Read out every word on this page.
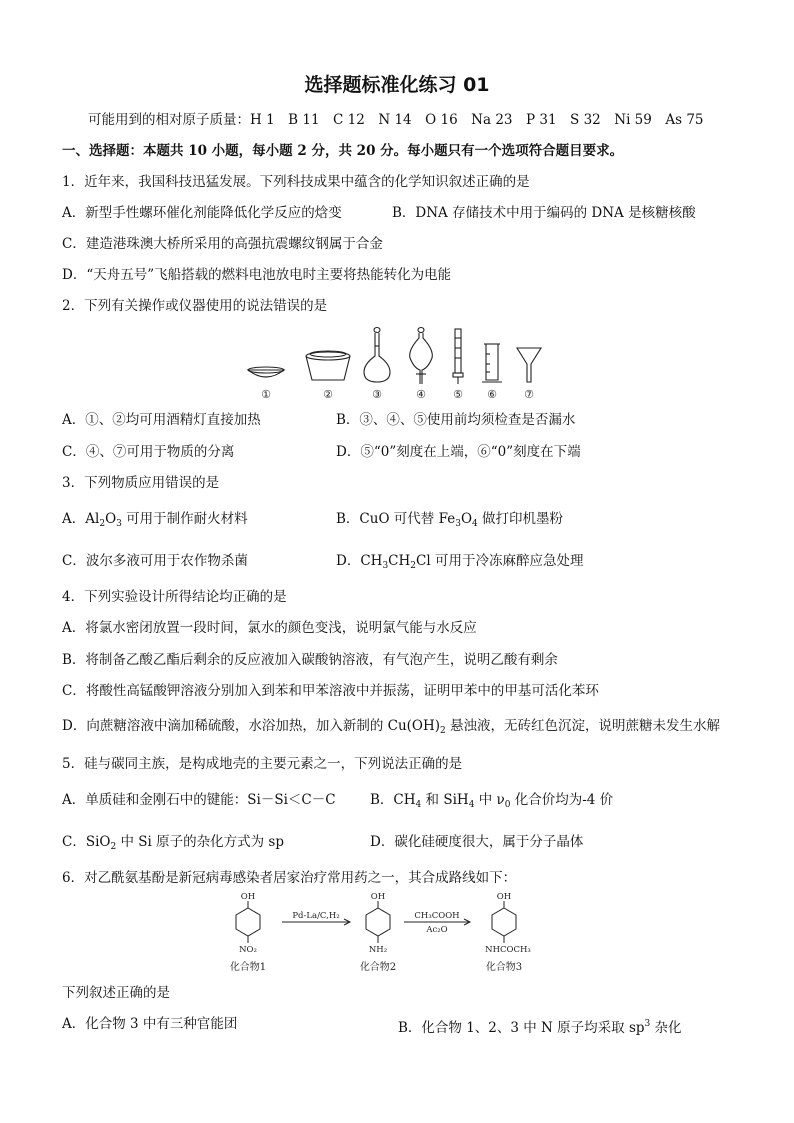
选择题标准化练习 01
可能用到的相对原子质量：H 1　B 11　C 12　N 14　O 16　Na 23　P 31　S 32　Ni 59　As 75
一、选择题：本题共 10 小题，每小题 2 分，共 20 分。每小题只有一个选项符合题目要求。
1．近年来，我国科技迅猛发展。下列科技成果中蕴含的化学知识叙述正确的是
A．新型手性螺环催化剂能降低化学反应的焓变	B．DNA 存储技术中用于编码的 DNA 是核糖核酸
C．建造港珠澳大桥所采用的高强抗震螺纹钢属于合金
D．“天舟五号”飞船搭载的燃料电池放电时主要将热能转化为电能
2．下列有关操作或仪器使用的说法错误的是
①	②	③	④ ⑤ ⑥ ⑦
A．①、②均可用酒精灯直接加热	B．③、④、⑤使用前均须检查是否漏水
C．④、⑦可用于物质的分离	D．⑤“0”刻度在上端，⑥“0”刻度在下端
3．下列物质应用错误的是
A．$Al_2O_3$ 可用于制作耐火材料	B．CuO 可代替 $Fe_3O_4$ 做打印机墨粉
C．波尔多液可用于农作物杀菌	D．$CH_3CH_2Cl$ 可用于冷冻麻醉应急处理
4．下列实验设计所得结论均正确的是
A．将氯水密闭放置一段时间，氯水的颜色变浅，说明氯气能与水反应
B．将制备乙酸乙酯后剩余的反应液加入碳酸钠溶液，有气泡产生，说明乙酸有剩余
C．将酸性高锰酸钾溶液分别加入到苯和甲苯溶液中并振荡，证明甲苯中的甲基可活化苯环
D．向蔗糖溶液中滴加稀硫酸，水浴加热，加入新制的 $Cu(OH)_2$ 悬浊液，无砖红色沉淀，说明蔗糖未发生水解
5．硅与碳同主族，是构成地壳的主要元素之一，下列说法正确的是
A．单质硅和金刚石中的键能：Si－Si＜C－C	B．$CH_4$ 和 SiH$_4$ 中 $\nu_0$ 化合价均为-4 价
C．SiO$_2$ 中 Si 原子的杂化方式为 sp	D．碳化硅硬度很大，属于分子晶体
6．对乙酰氨基酚是新冠病毒感染者居家治疗常用药之一，其合成路线如下：
OH
NO₂
OH
NH₂
OH
NHCOCH₃
Pd-La/C,H₂	CH₃COOH
Ac₂O
化合物1	化合物2	化合物3
下列叙述正确的是
A．化合物 3 中有三种官能团	B．化合物 1、2、3 中 N 原子均采取 $sp^3$ 杂化
